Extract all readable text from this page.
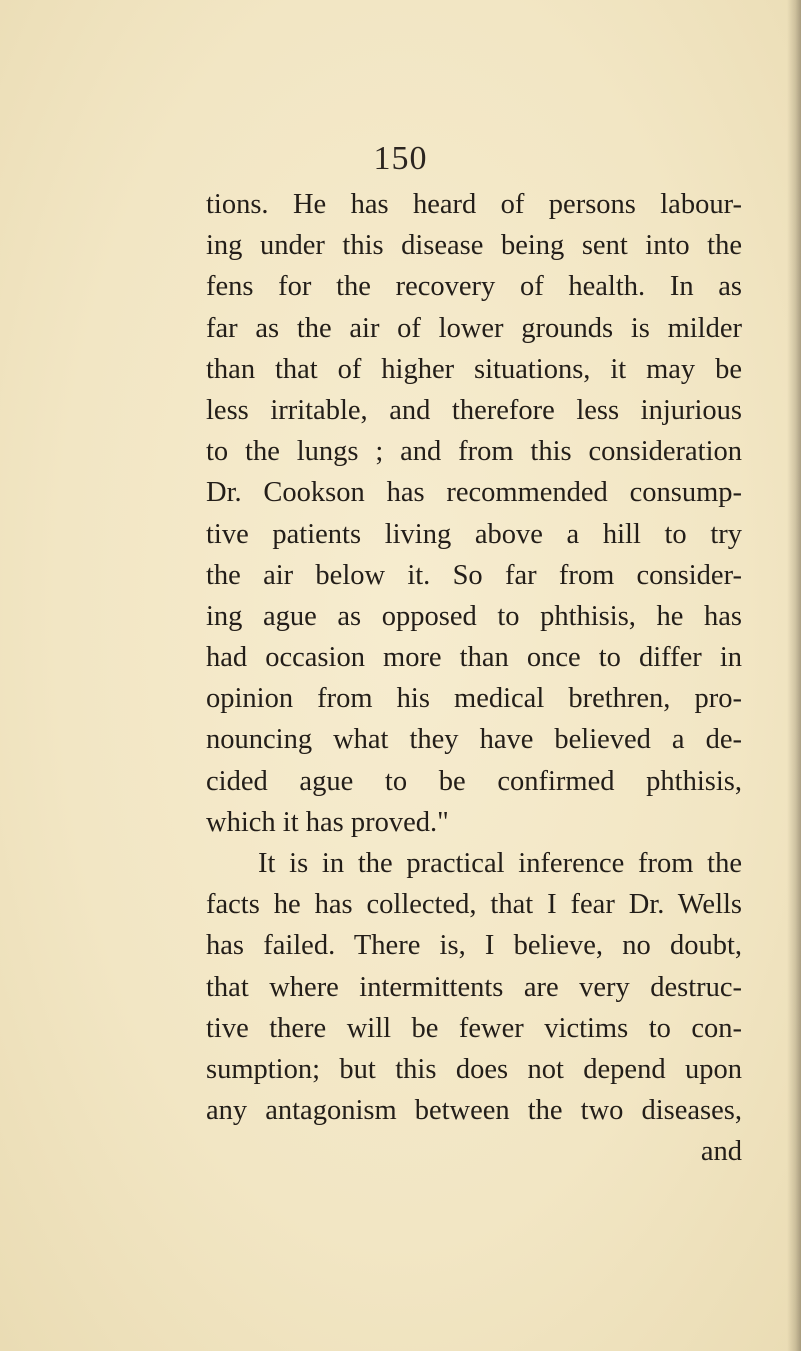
150
tions. He has heard of persons labour-
ing under this disease being sent into the
fens for the recovery of health. In as
far as the air of lower grounds is milder
than that of higher situations, it may be
less irritable, and therefore less injurious
to the lungs ; and from this consideration
Dr. Cookson has recommended consump-
tive patients living above a hill to try
the air below it. So far from consider-
ing ague as opposed to phthisis, he has
had occasion more than once to differ in
opinion from his medical brethren, pro-
nouncing what they have believed a de-
cided ague to be confirmed phthisis,
which it has proved."
It is in the practical inference from the
facts he has collected, that I fear Dr. Wells
has failed. There is, I believe, no doubt,
that where intermittents are very destruc-
tive there will be fewer victims to con-
sumption; but this does not depend upon
any antagonism between the two diseases,
and
